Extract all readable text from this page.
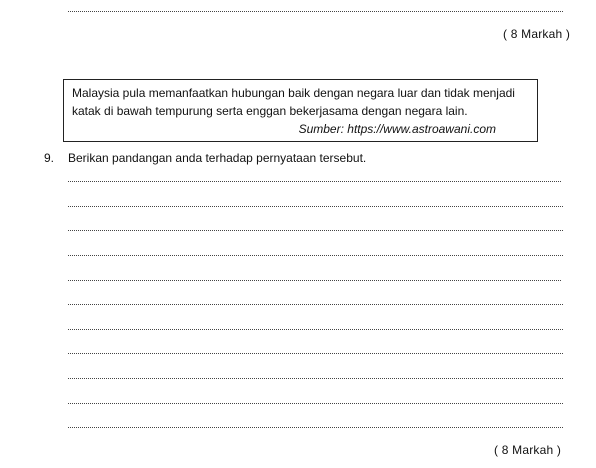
( 8 Markah )
Malaysia pula memanfaatkan hubungan baik dengan negara luar dan tidak menjadi
katak di bawah tempurung serta enggan bekerjasama dengan negara lain.
Sumber: https://www.astroawani.com
9. Berikan pandangan anda terhadap pernyataan tersebut.
( 8 Markah )
